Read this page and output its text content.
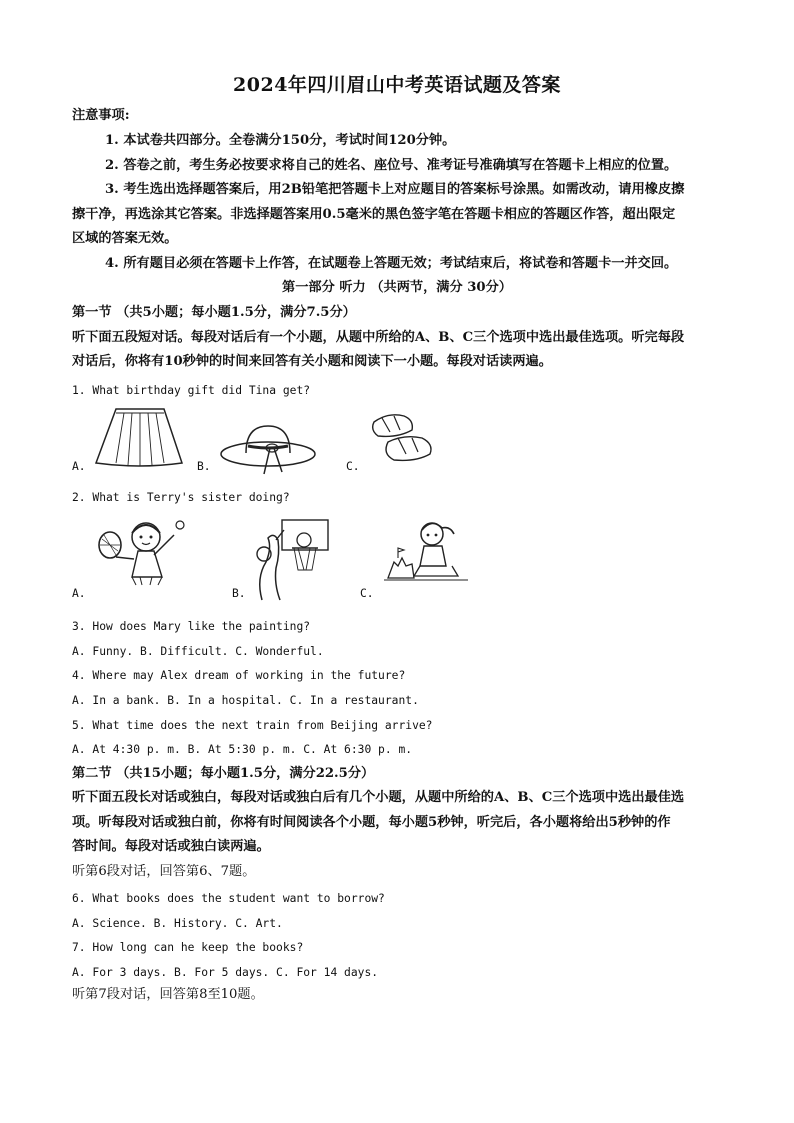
2024年四川眉山中考英语试题及答案
注意事项:
1. 本试卷共四部分。全卷满分150分，考试时间120分钟。
2. 答卷之前，考生务必按要求将自己的姓名、座位号、准考证号准确填写在答题卡上相应的位置。
3. 考生选出选择题答案后，用2B铅笔把答题卡上对应题目的答案标号涂黑。如需改动，请用橡皮擦
擦干净，再选涂其它答案。非选择题答案用0.5毫米的黑色签字笔在答题卡相应的答题区作答，超出限定
区域的答案无效。
4. 所有题目必须在答题卡上作答，在试题卷上答题无效；考试结束后，将试卷和答题卡一并交回。
第一部分 听力 （共两节，满分 30分）
第一节 （共5小题；每小题1.5分，满分7.5分）
听下面五段短对话。每段对话后有一个小题，从题中所给的A、B、C三个选项中选出最佳选项。听完每段
对话后，你将有10秒钟的时间来回答有关小题和阅读下一小题。每段对话读两遍。
1. What birthday gift did Tina get?
A.	B.	C.
2. What is Terry's sister doing?
A.	B.	C.
3. How does Mary like the painting?
A. Funny. B. Difficult. C. Wonderful.
4. Where may Alex dream of working in the future?
A. In a bank. B. In a hospital. C. In a restaurant.
5. What time does the next train from Beijing arrive?
A. At 4:30 p. m. B. At 5:30 p. m. C. At 6:30 p. m.
第二节 （共15小题；每小题1.5分，满分22.5分）
听下面五段长对话或独白，每段对话或独白后有几个小题，从题中所给的A、B、C三个选项中选出最佳选
项。听每段对话或独白前，你将有时间阅读各个小题，每小题5秒钟，听完后，各小题将给出5秒钟的作
答时间。每段对话或独白读两遍。
听第6段对话，回答第6、7题。
6. What books does the student want to borrow?
A. Science. B. History. C. Art.
7. How long can he keep the books?
A. For 3 days. B. For 5 days. C. For 14 days.
听第7段对话，回答第8至10题。
